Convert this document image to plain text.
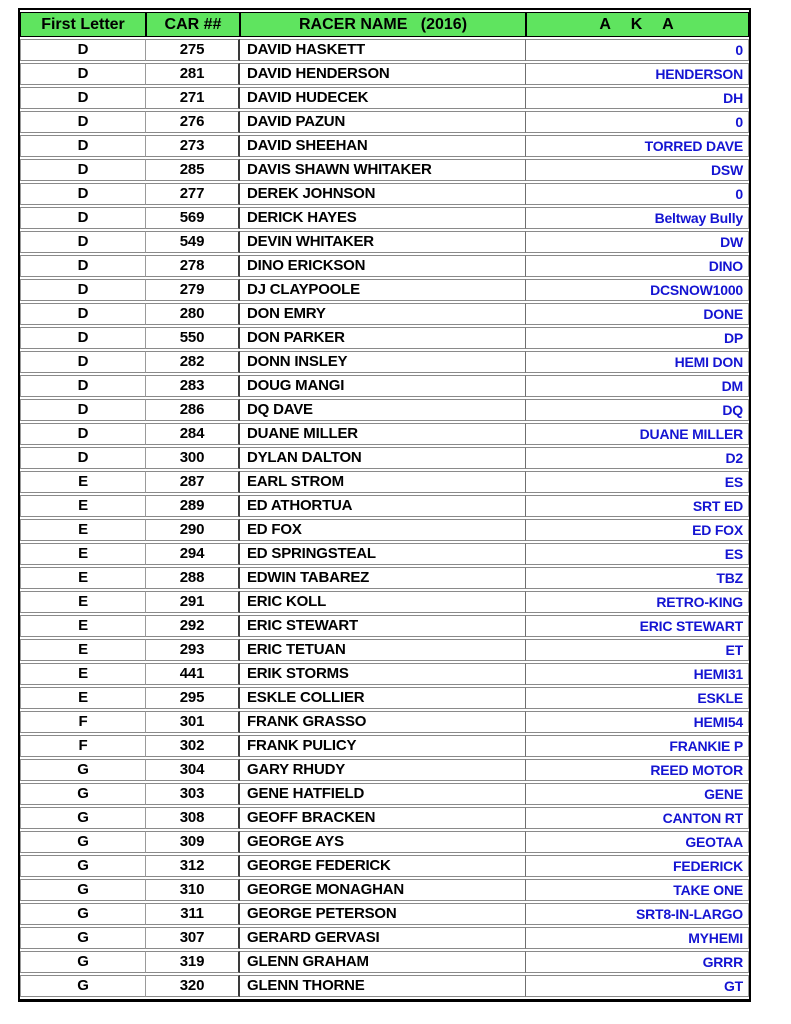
First Letter	CAR ##	RACER NAME   (2016)	A K A
D	275	DAVID HASKETT	0
D	281	DAVID HENDERSON	HENDERSON
D	271	DAVID HUDECEK	DH
D	276	DAVID PAZUN	0
D	273	DAVID SHEEHAN	TORRED DAVE
D	285	DAVIS SHAWN WHITAKER	DSW
D	277	DEREK JOHNSON	0
D	569	DERICK HAYES	Beltway Bully
D	549	DEVIN WHITAKER	DW
D	278	DINO ERICKSON	DINO
D	279	DJ CLAYPOOLE	DCSNOW1000
D	280	DON EMRY	DONE
D	550	DON PARKER	DP
D	282	DONN INSLEY	HEMI DON
D	283	DOUG MANGI	DM
D	286	DQ DAVE	DQ
D	284	DUANE MILLER	DUANE MILLER
D	300	DYLAN DALTON	D2
E	287	EARL STROM	ES
E	289	ED ATHORTUA	SRT ED
E	290	ED FOX	ED FOX
E	294	ED SPRINGSTEAL	ES
E	288	EDWIN TABAREZ	TBZ
E	291	ERIC KOLL	RETRO-KING
E	292	ERIC STEWART	ERIC STEWART
E	293	ERIC TETUAN	ET
E	441	ERIK STORMS	HEMI31
E	295	ESKLE COLLIER	ESKLE
F	301	FRANK GRASSO	HEMI54
F	302	FRANK PULICY	FRANKIE P
G	304	GARY RHUDY	REED MOTOR
G	303	GENE HATFIELD	GENE
G	308	GEOFF BRACKEN	CANTON RT
G	309	GEORGE AYS	GEOTAA
G	312	GEORGE FEDERICK	FEDERICK
G	310	GEORGE MONAGHAN	TAKE ONE
G	311	GEORGE PETERSON	SRT8-IN-LARGO
G	307	GERARD GERVASI	MYHEMI
G	319	GLENN GRAHAM	GRRR
G	320	GLENN THORNE	GT
